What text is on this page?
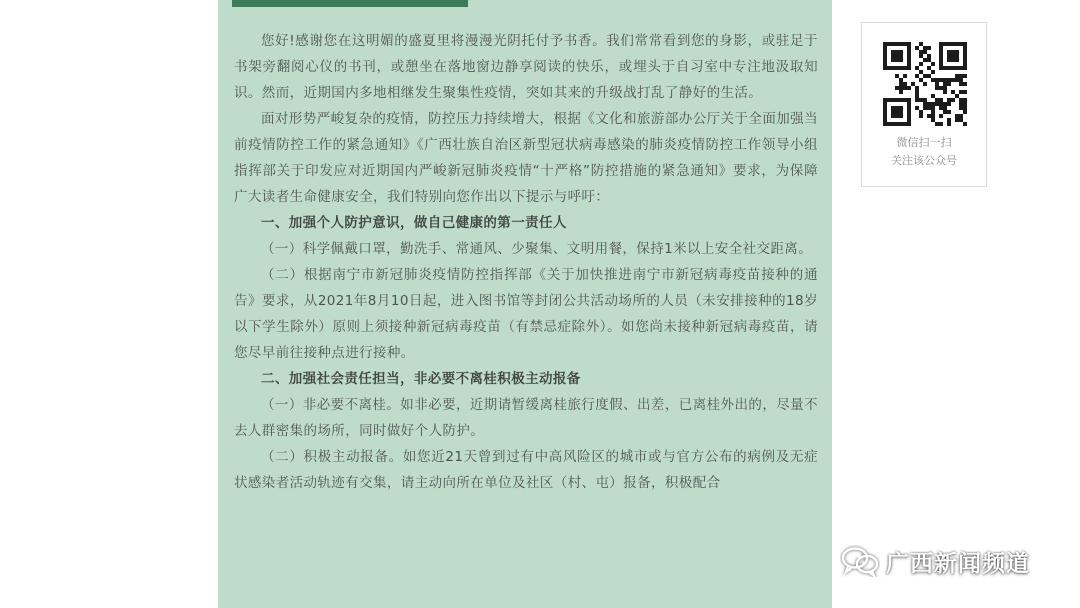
您好!感谢您在这明媚的盛夏里将漫漫光阴托付予书香。我们常常看到您的身影，或驻足于书架旁翻阅心仪的书刊，或憩坐在落地窗边静享阅读的快乐，或埋头于自习室中专注地汲取知识。然而，近期国内多地相继发生聚集性疫情，突如其来的升级战打乱了静好的生活。

面对形势严峻复杂的疫情，防控压力持续增大，根据《文化和旅游部办公厅关于全面加强当前疫情防控工作的紧急通知》《广西壮族自治区新型冠状病毒感染的肺炎疫情防控工作领导小组指挥部关于印发应对近期国内严峻新冠肺炎疫情“十严格”防控措施的紧急通知》要求，为保障广大读者生命健康安全，我们特别向您作出以下提示与呼吁：

一、加强个人防护意识，做自己健康的第一责任人

（一）科学佩戴口罩，勤洗手、常通风、少聚集、文明用餐，保持1米以上安全社交距离。

（二）根据南宁市新冠肺炎疫情防控指挥部《关于加快推进南宁市新冠病毒疫苗接种的通告》要求，从2021年8月10日起，进入图书馆等封闭公共活动场所的人员（未安排接种的18岁以下学生除外）原则上须接种新冠病毒疫苗（有禁忌症除外）。如您尚未接种新冠病毒疫苗，请您尽早前往接种点进行接种。

二、加强社会责任担当，非必要不离桂积极主动报备

（一）非必要不离桂。如非必要，近期请暂缓离桂旅行度假、出差，已离桂外出的，尽量不去人群密集的场所，同时做好个人防护。

（二）积极主动报备。如您近21天曾到过有中高风险区的城市或与官方公布的病例及无症状感染者活动轨迹有交集，请主动向所在单位及社区（村、屯）报备，积极配合

微信扫一扫
关注该公众号
广西新闻频道
